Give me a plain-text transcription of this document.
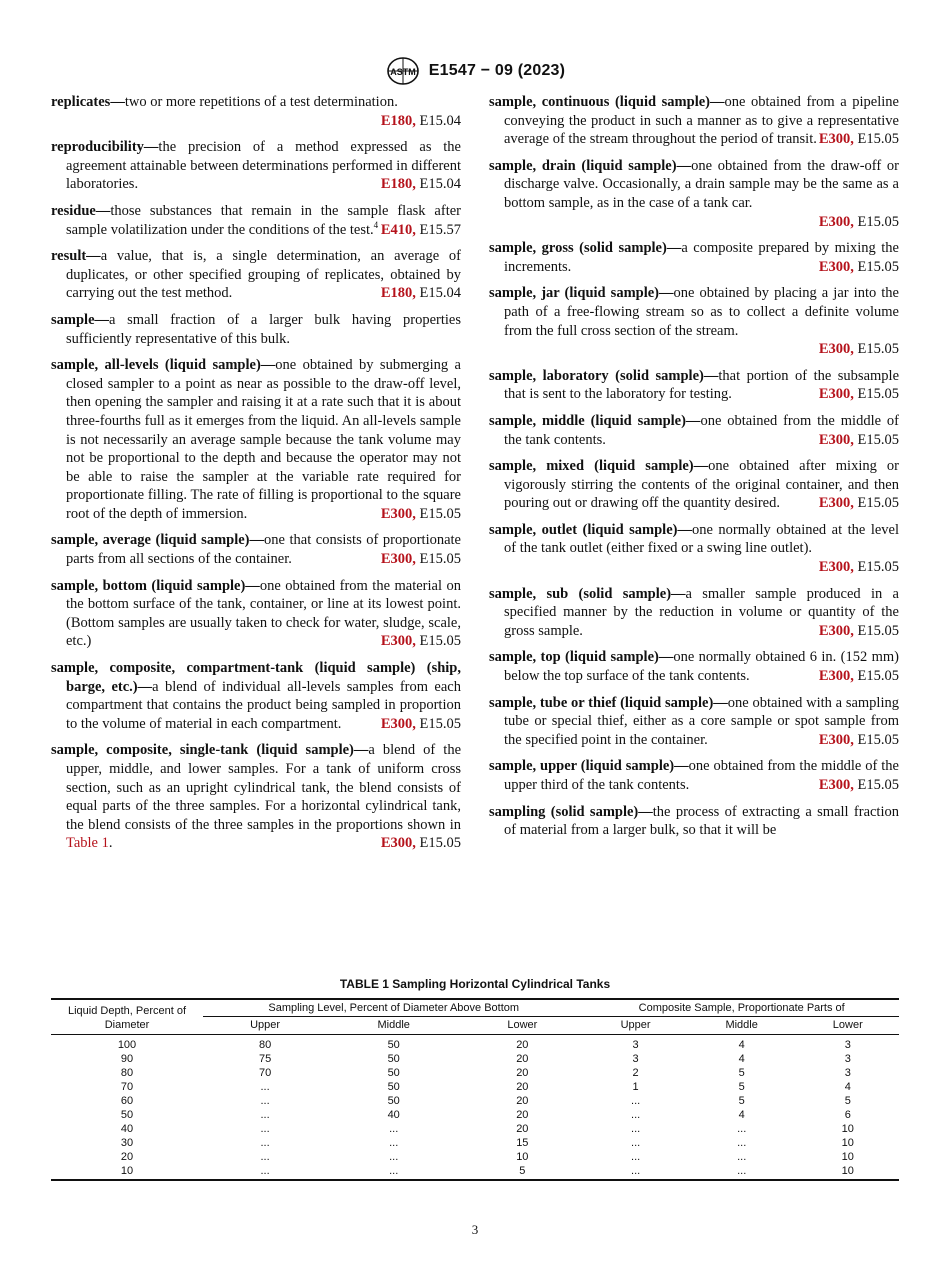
ASTM E1547 − 09 (2023)

replicates—two or more repetitions of a test determination.
E180, E15.04

reproducibility—the precision of a method expressed as the agreement attainable between determinations performed in different laboratories.	E180, E15.04

residue—those substances that remain in the sample flask after sample volatilization under the conditions of the test.$^4$ E410, E15.57

result—a value, that is, a single determination, an average of duplicates, or other specified grouping of replicates, obtained by carrying out the test method.	E180, E15.04

sample—a small fraction of a larger bulk having properties sufficiently representative of this bulk.

sample, all-levels (liquid sample)—one obtained by submerging a closed sampler to a point as near as possible to the draw-off level, then opening the sampler and raising it at a rate such that it is about three-fourths full as it emerges from the liquid. An all-levels sample is not necessarily an average sample because the tank volume may not be proportional to the depth and because the operator may not be able to raise the sampler at the variable rate required for proportionate filling. The rate of filling is proportional to the square root of the depth of immersion.	E300, E15.05

sample, average (liquid sample)—one that consists of proportionate parts from all sections of the container.	E300, E15.05

sample, bottom (liquid sample)—one obtained from the material on the bottom surface of the tank, container, or line at its lowest point. (Bottom samples are usually taken to check for water, sludge, scale, etc.)	E300, E15.05

sample, composite, compartment-tank (liquid sample) (ship, barge, etc.)—a blend of individual all-levels samples from each compartment that contains the product being sampled in proportion to the volume of material in each compartment.	E300, E15.05

sample, composite, single-tank (liquid sample)—a blend of the upper, middle, and lower samples. For a tank of uniform cross section, such as an upright cylindrical tank, the blend consists of equal parts of the three samples. For a horizontal cylindrical tank, the blend consists of the three samples in the proportions shown in Table 1.	E300, E15.05

sample, continuous (liquid sample)—one obtained from a pipeline conveying the product in such a manner as to give a representative average of the stream throughout the period of transit. E300, E15.05

sample, drain (liquid sample)—one obtained from the draw-off or discharge valve. Occasionally, a drain sample may be the same as a bottom sample, as in the case of a tank car.
E300, E15.05

sample, gross (solid sample)—a composite prepared by mixing the increments.	E300, E15.05

sample, jar (liquid sample)—one obtained by placing a jar into the path of a free-flowing stream so as to collect a definite volume from the full cross section of the stream.
E300, E15.05

sample, laboratory (solid sample)—that portion of the subsample that is sent to the laboratory for testing.	E300, E15.05

sample, middle (liquid sample)—one obtained from the middle of the tank contents.	E300, E15.05

sample, mixed (liquid sample)—one obtained after mixing or vigorously stirring the contents of the original container, and then pouring out or drawing off the quantity desired.	E300, E15.05

sample, outlet (liquid sample)—one normally obtained at the level of the tank outlet (either fixed or a swing line outlet).
E300, E15.05

sample, sub (solid sample)—a smaller sample produced in a specified manner by the reduction in volume or quantity of the gross sample.	E300, E15.05

sample, top (liquid sample)—one normally obtained 6 in. (152 mm) below the top surface of the tank contents.	E300, E15.05

sample, tube or thief (liquid sample)—one obtained with a sampling tube or special thief, either as a core sample or spot sample from the specified point in the container.	E300, E15.05

sample, upper (liquid sample)—one obtained from the middle of the upper third of the tank contents.	E300, E15.05

sampling (solid sample)—the process of extracting a small fraction of material from a larger bulk, so that it will be

TABLE 1 Sampling Horizontal Cylindrical Tanks
Liquid Depth, Percent of Diameter	Sampling Level, Percent of Diameter Above Bottom			Composite Sample, Proportionate Parts of		
	Upper	Middle	Lower	Upper	Middle	Lower
100	80	50	20	3	4	3
90	75	50	20	3	4	3
80	70	50	20	2	5	3
70	...	50	20	1	5	4
60	...	50	20	...	5	5
50	...	40	20	...	4	6
40	...	...	20	...	...	10
30	...	...	15	...	...	10
20	...	...	10	...	...	10
10	...	...	5	...	...	10
3
